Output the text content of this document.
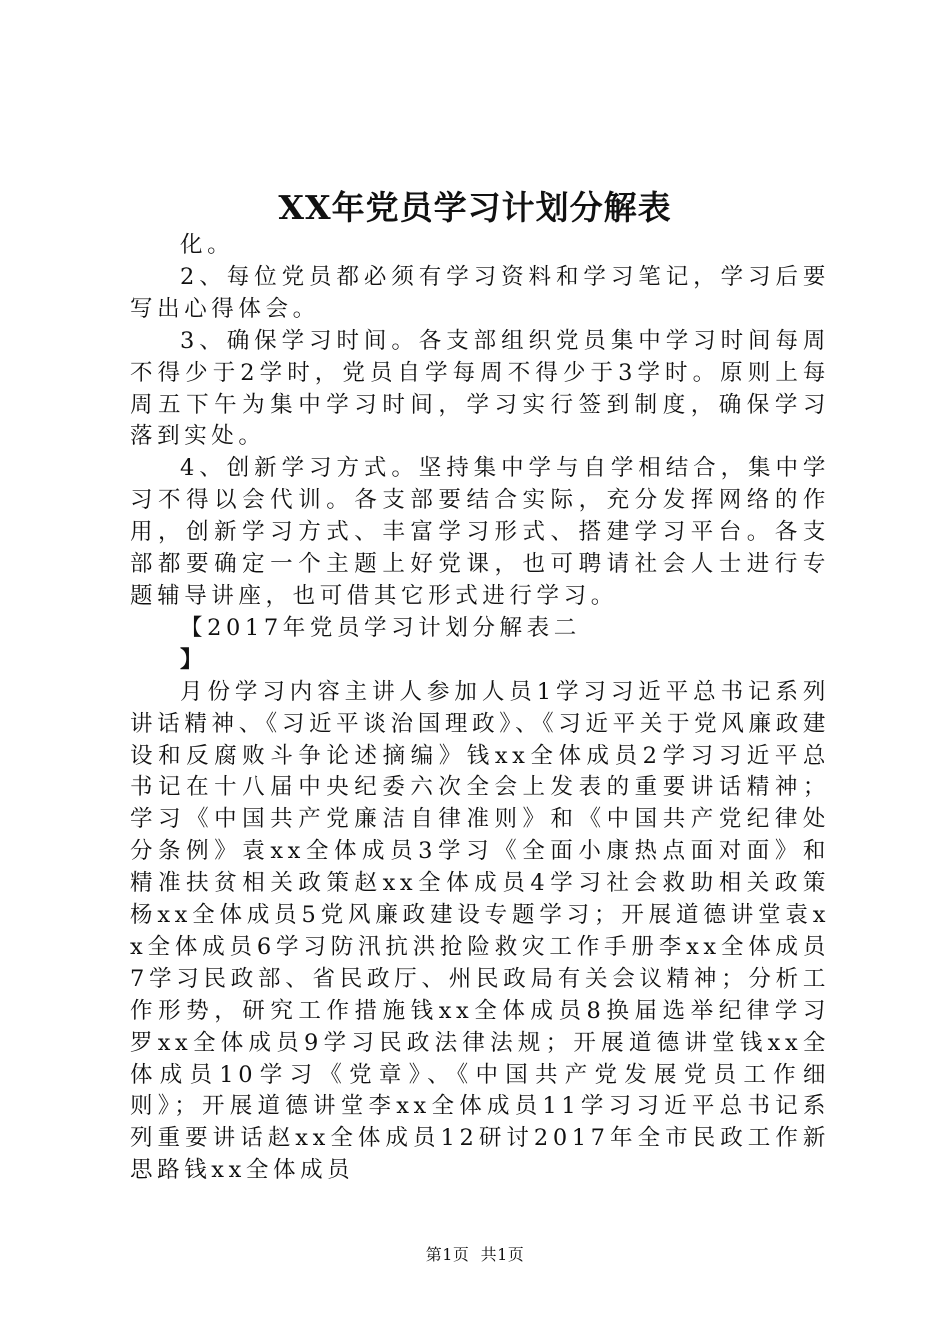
XX年党员学习计划分解表

化。

2、每位党员都必须有学习资料和学习笔记，学习后要写出心得体会。

3、确保学习时间。各支部组织党员集中学习时间每周不得少于2学时，党员自学每周不得少于3学时。原则上每周五下午为集中学习时间，学习实行签到制度，确保学习落到实处。

4、创新学习方式。坚持集中学与自学相结合，集中学习不得以会代训。各支部要结合实际，充分发挥网络的作用，创新学习方式、丰富学习形式、搭建学习平台。各支部都要确定一个主题上好党课，也可聘请社会人士进行专题辅导讲座，也可借其它形式进行学习。

【2017年党员学习计划分解表二

】

月份学习内容主讲人参加人员1学习习近平总书记系列讲话精神、《习近平谈治国理政》、《习近平关于党风廉政建设和反腐败斗争论述摘编》钱xx全体成员2学习习近平总书记在十八届中央纪委六次全会上发表的重要讲话精神；学习《中国共产党廉洁自律准则》和《中国共产党纪律处分条例》袁xx全体成员3学习《全面小康热点面对面》和精准扶贫相关政策赵xx全体成员4学习社会救助相关政策杨xx全体成员5党风廉政建设专题学习；开展道德讲堂袁xx全体成员6学习防汛抗洪抢险救灾工作手册李xx全体成员7学习民政部、省民政厅、州民政局有关会议精神；分析工作形势，研究工作措施钱xx全体成员8换届选举纪律学习罗xx全体成员9学习民政法律法规；开展道德讲堂钱xx全体成员10学习《党章》、《中国共产党发展党员工作细则》；开展道德讲堂李xx全体成员11学习习近平总书记系列重要讲话赵xx全体成员12研讨2017年全市民政工作新思路钱xx全体成员

第1页  共1页
